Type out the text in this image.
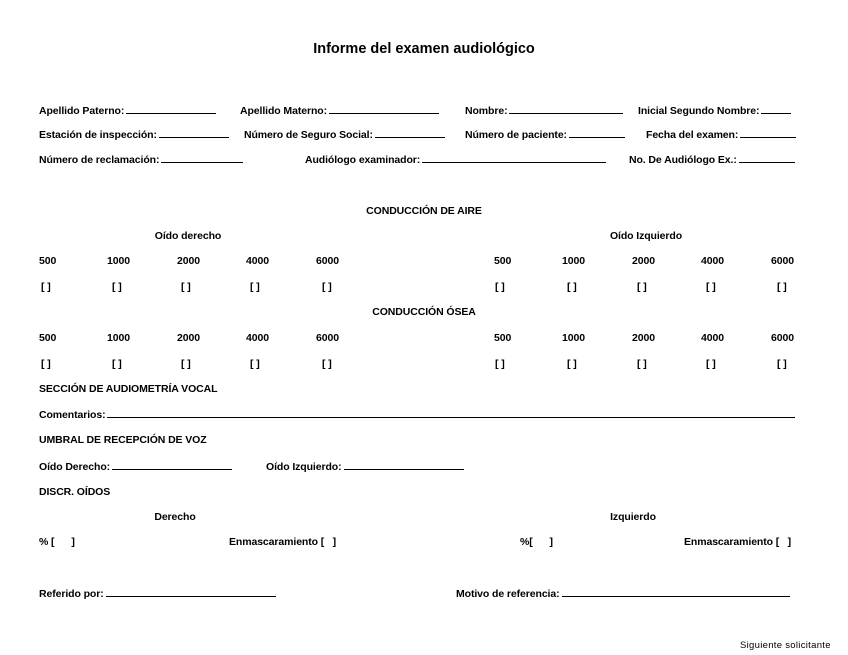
Informe del examen audiológico
Apellido Paterno:	Apellido Materno:	Nombre:	Inicial Segundo Nombre:
Estación de inspección:	Número de Seguro Social:	Número de paciente:	Fecha del examen:
Número de reclamación:	Audiólogo examinador:	No. De Audiólogo Ex.:
CONDUCCIÓN DE AIRE
Oído derecho	Oído Izquierdo
500	1000	2000	4000	6000	500	1000	2000	4000	6000
[ ]	[ ]	[ ]	[ ]	[ ]	[ ]	[ ]	[ ]	[ ]	[ ]
CONDUCCIÓN ÓSEA
500	1000	2000	4000	6000	500	1000	2000	4000	6000
[ ]	[ ]	[ ]	[ ]	[ ]	[ ]	[ ]	[ ]	[ ]	[ ]
SECCIÓN DE AUDIOMETRÍA VOCAL
Comentarios:
UMBRAL DE RECEPCIÓN DE VOZ
Oído Derecho:	Oído Izquierdo:
DISCR. OÍDOS
Derecho	Izquierdo
% [      ]	Enmascaramiento [   ]	%[      ]	Enmascaramiento [   ]
Referido por:	Motivo de referencia:
Siguiente solicitante
